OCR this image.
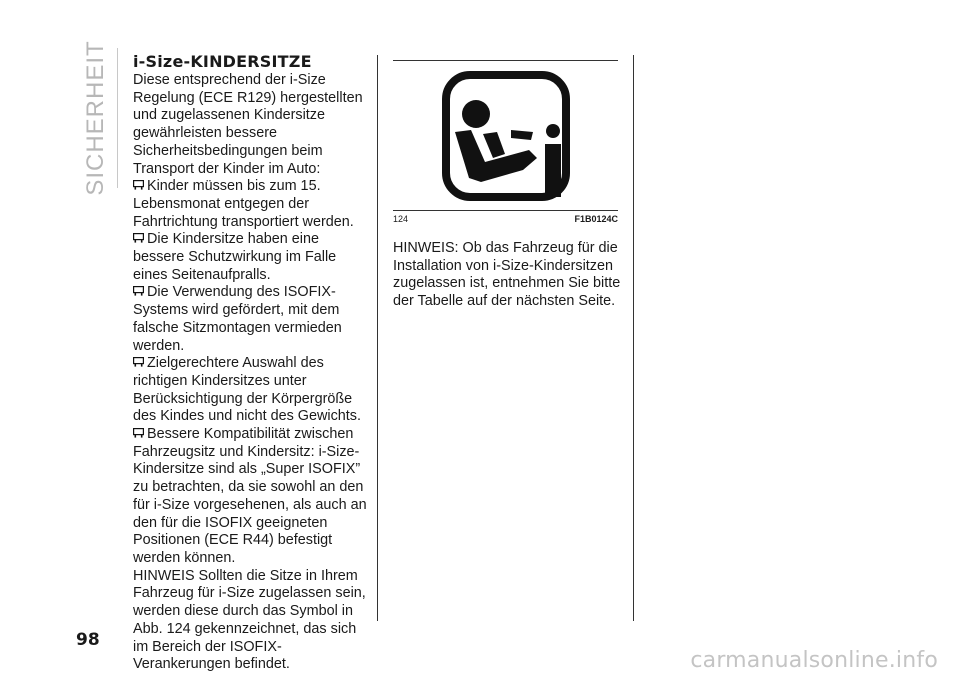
SICHERHEIT i-Size-KINDERSITZE

Diese entsprechend der i-Size Regelung (ECE R129) hergestellten und zugelassenen Kindersitze gewährleisten bessere Sicherheitsbedingungen beim Transport der Kinder im Auto:

Kinder müssen bis zum 15. Lebensmonat entgegen der Fahrtrichtung transportiert werden.

Die Kindersitze haben eine bessere Schutzwirkung im Falle eines Seitenaufpralls.

Die Verwendung des ISOFIX-Systems wird gefördert, mit dem falsche Sitzmontagen vermieden werden.

Zielgerechtere Auswahl des richtigen Kindersitzes unter Berücksichtigung der Körpergröße des Kindes und nicht des Gewichts.

Bessere Kompatibilität zwischen Fahrzeugsitz und Kindersitz: i-Size-Kindersitze sind als „Super ISOFIX” zu betrachten, da sie sowohl an den für i-Size vorgesehenen, als auch an den für die ISOFIX geeigneten Positionen (ECE R44) befestigt werden können.

HINWEIS Sollten die Sitze in Ihrem Fahrzeug für i-Size zugelassen sein, werden diese durch das Symbol in Abb. 124 gekennzeichnet, das sich im Bereich der ISOFIX-Verankerungen befindet.

124	F1B0124C

HINWEIS: Ob das Fahrzeug für die Installation von i-Size-Kindersitzen zugelassen ist, entnehmen Sie bitte der Tabelle auf der nächsten Seite.

98
carmanualsonline.info
